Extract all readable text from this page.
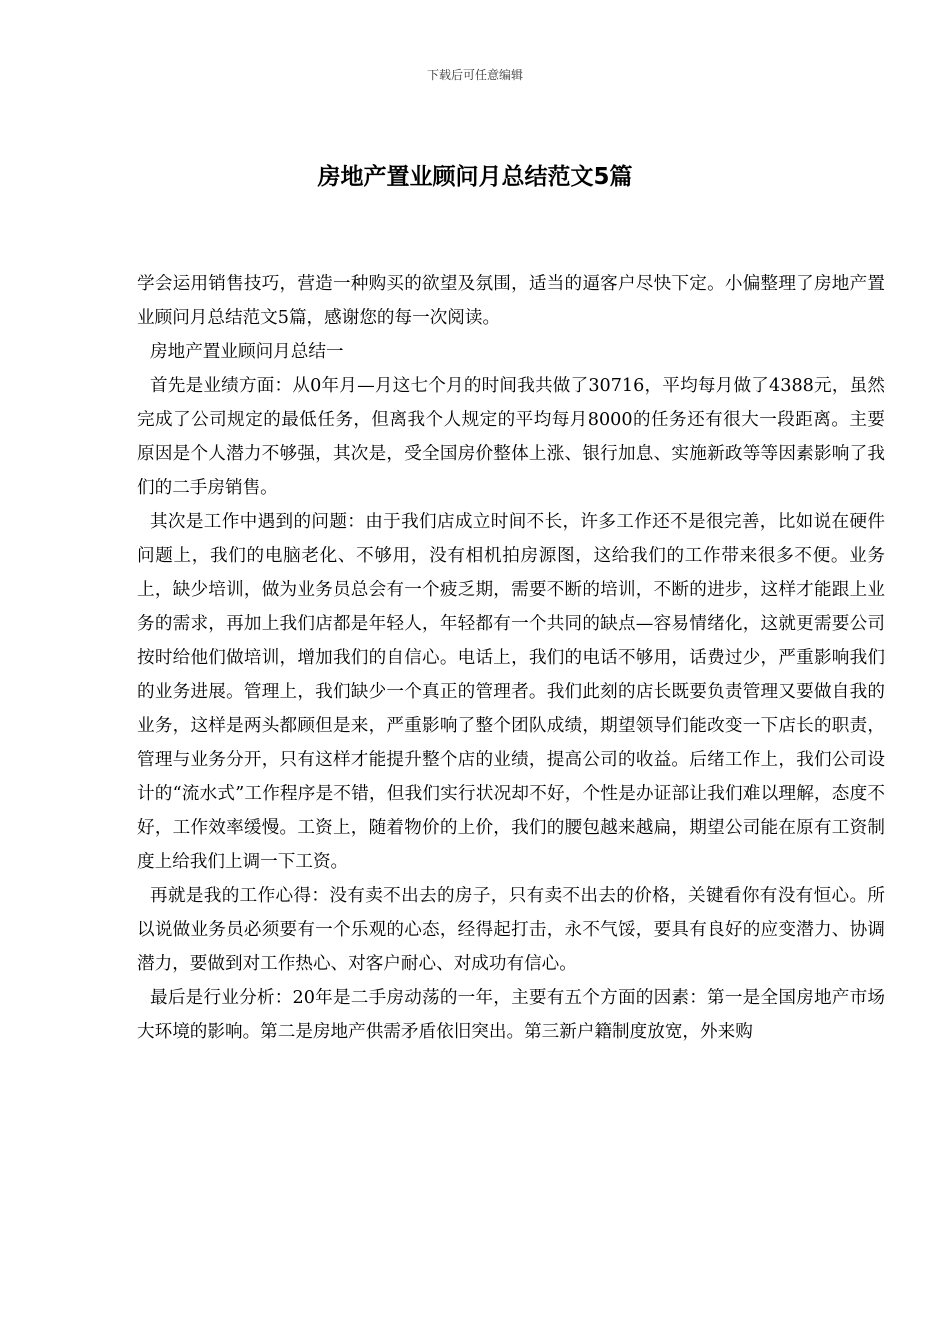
下载后可任意编辑
房地产置业顾问月总结范文5篇

学会运用销售技巧，营造一种购买的欲望及氛围，适当的逼客户尽快下定。小偏整理了房地产置业顾问月总结范文5篇，感谢您的每一次阅读。

房地产置业顾问月总结一

首先是业绩方面：从0年月—月这七个月的时间我共做了30716，平均每月做了4388元，虽然完成了公司规定的最低任务，但离我个人规定的平均每月8000的任务还有很大一段距离。主要原因是个人潜力不够强，其次是，受全国房价整体上涨、银行加息、实施新政等等因素影响了我们的二手房销售。

其次是工作中遇到的问题：由于我们店成立时间不长，许多工作还不是很完善，比如说在硬件问题上，我们的电脑老化、不够用，没有相机拍房源图，这给我们的工作带来很多不便。业务上，缺少培训，做为业务员总会有一个疲乏期，需要不断的培训，不断的进步，这样才能跟上业务的需求，再加上我们店都是年轻人，年轻都有一个共同的缺点—容易情绪化，这就更需要公司按时给他们做培训，增加我们的自信心。电话上，我们的电话不够用，话费过少，严重影响我们的业务进展。管理上，我们缺少一个真正的管理者。我们此刻的店长既要负责管理又要做自我的业务，这样是两头都顾但是来，严重影响了整个团队成绩，期望领导们能改变一下店长的职责，管理与业务分开，只有这样才能提升整个店的业绩，提高公司的收益。后绪工作上，我们公司设计的“流水式”工作程序是不错，但我们实行状况却不好，个性是办证部让我们难以理解，态度不好，工作效率缓慢。工资上，随着物价的上价，我们的腰包越来越扁，期望公司能在原有工资制度上给我们上调一下工资。

再就是我的工作心得：没有卖不出去的房子，只有卖不出去的价格，关键看你有没有恒心。所以说做业务员必须要有一个乐观的心态，经得起打击，永不气馁，要具有良好的应变潜力、协调潜力，要做到对工作热心、对客户耐心、对成功有信心。

最后是行业分析：20年是二手房动荡的一年，主要有五个方面的因素：第一是全国房地产市场大环境的影响。第二是房地产供需矛盾依旧突出。第三新户籍制度放宽，外来购
